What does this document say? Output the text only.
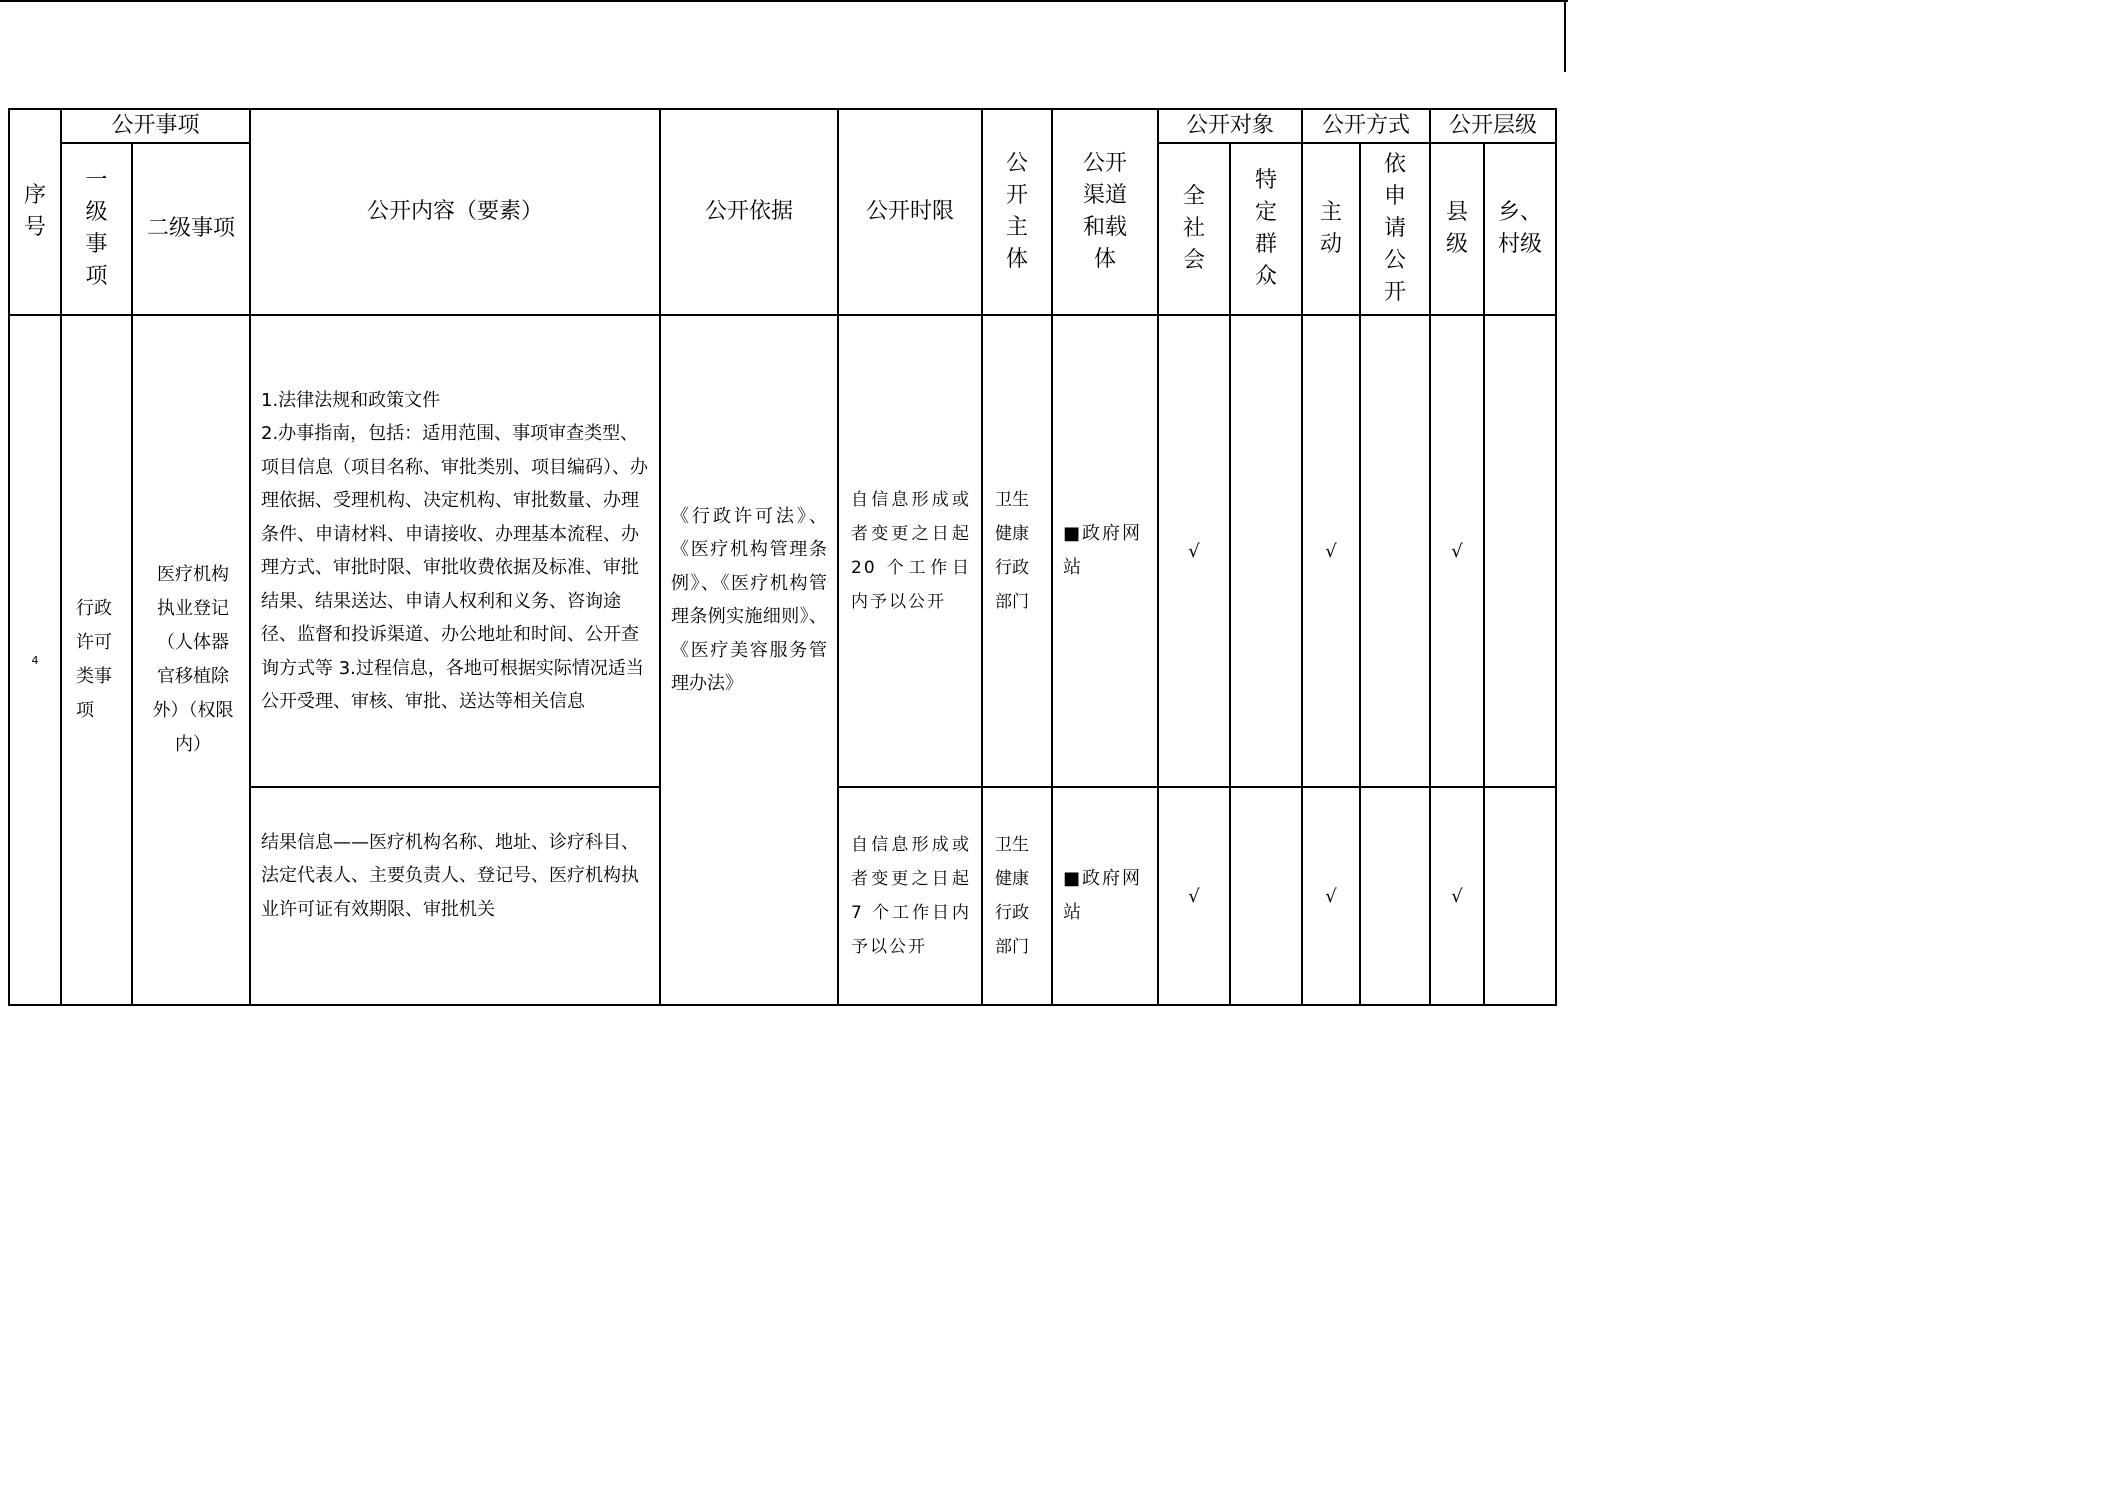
序号	公开事项		公开内容（要素）	公开依据	公开时限	公开主体	公开渠道和载体	公开对象		公开方式		公开层级	

	一级事项	二级事项						全社会	特定群众	主动	依申请公开	县级	乡、村级

4	行政许可类事项	医疗机构执业登记（人体器官移植除外）（权限内）	1.法律法规和政策文件
2.办事指南，包括：适用范围、事项审查类型、项目信息（项目名称、审批类别、项目编码）、办理依据、受理机构、决定机构、审批数量、办理条件、申请材料、申请接收、办理基本流程、办理方式、审批时限、审批收费依据及标准、审批结果、结果送达、申请人权利和义务、咨询途径、监督和投诉渠道、办公地址和时间、公开查询方式等 3.过程信息，各地可根据实际情况适当公开受理、审核、审批、送达等相关信息	《行政许可法》、《医疗机构管理条例》、《医疗机构管理条例实施细则》、《医疗美容服务管理办法》	自信息形成或者变更之日起 20 个工作日内予以公开	卫生健康行政部门	■政府网 站	√		√		√	

			结果信息——医疗机构名称、地址、诊疗科目、法定代表人、主要负责人、登记号、医疗机构执业许可证有效期限、审批机关		自信息形成或 者变更之日起 7 个工作日内 予以公开	卫生健康行政部门	■政府网 站	√		√		√	
